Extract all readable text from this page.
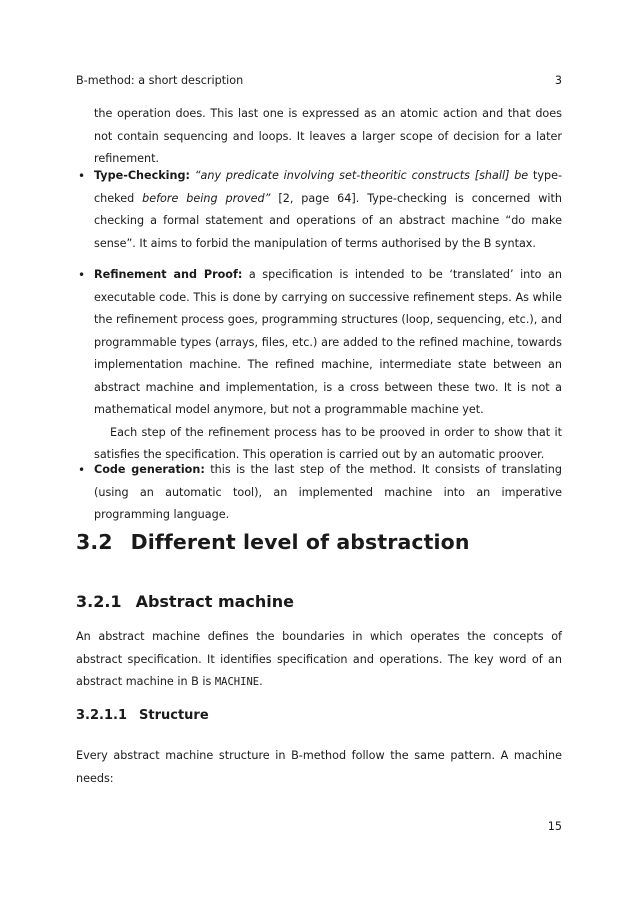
B-method: a short description	3
the operation does. This last one is expressed as an atomic action and that does not contain sequencing and loops. It leaves a larger scope of decision for a later refinement.
• Type-Checking: “any predicate involving set-theoritic constructs [shall] be type-cheked before being proved” [2, page 64]. Type-checking is concerned with checking a formal statement and operations of an abstract machine “do make sense”. It aims to forbid the manipulation of terms authorised by the B syntax.
• Refinement and Proof: a specification is intended to be ‘translated’ into an executable code. This is done by carrying on successive refinement steps. As while the refinement process goes, programming structures (loop, sequencing, etc.), and programmable types (arrays, files, etc.) are added to the refined machine, towards implementation machine. The refined machine, intermediate state between an abstract machine and implementation, is a cross between these two. It is not a mathematical model anymore, but not a programmable machine yet.
Each step of the refinement process has to be prooved in order to show that it satisfies the specification. This operation is carried out by an automatic proover.
• Code generation: this is the last step of the method. It consists of translating (using an automatic tool), an implemented machine into an imperative programming language.
3.2 Different level of abstraction
3.2.1 Abstract machine
An abstract machine defines the boundaries in which operates the concepts of abstract specification. It identifies specification and operations. The key word of an abstract machine in B is MACHINE.
3.2.1.1 Structure
Every abstract machine structure in B-method follow the same pattern. A machine needs:
15
